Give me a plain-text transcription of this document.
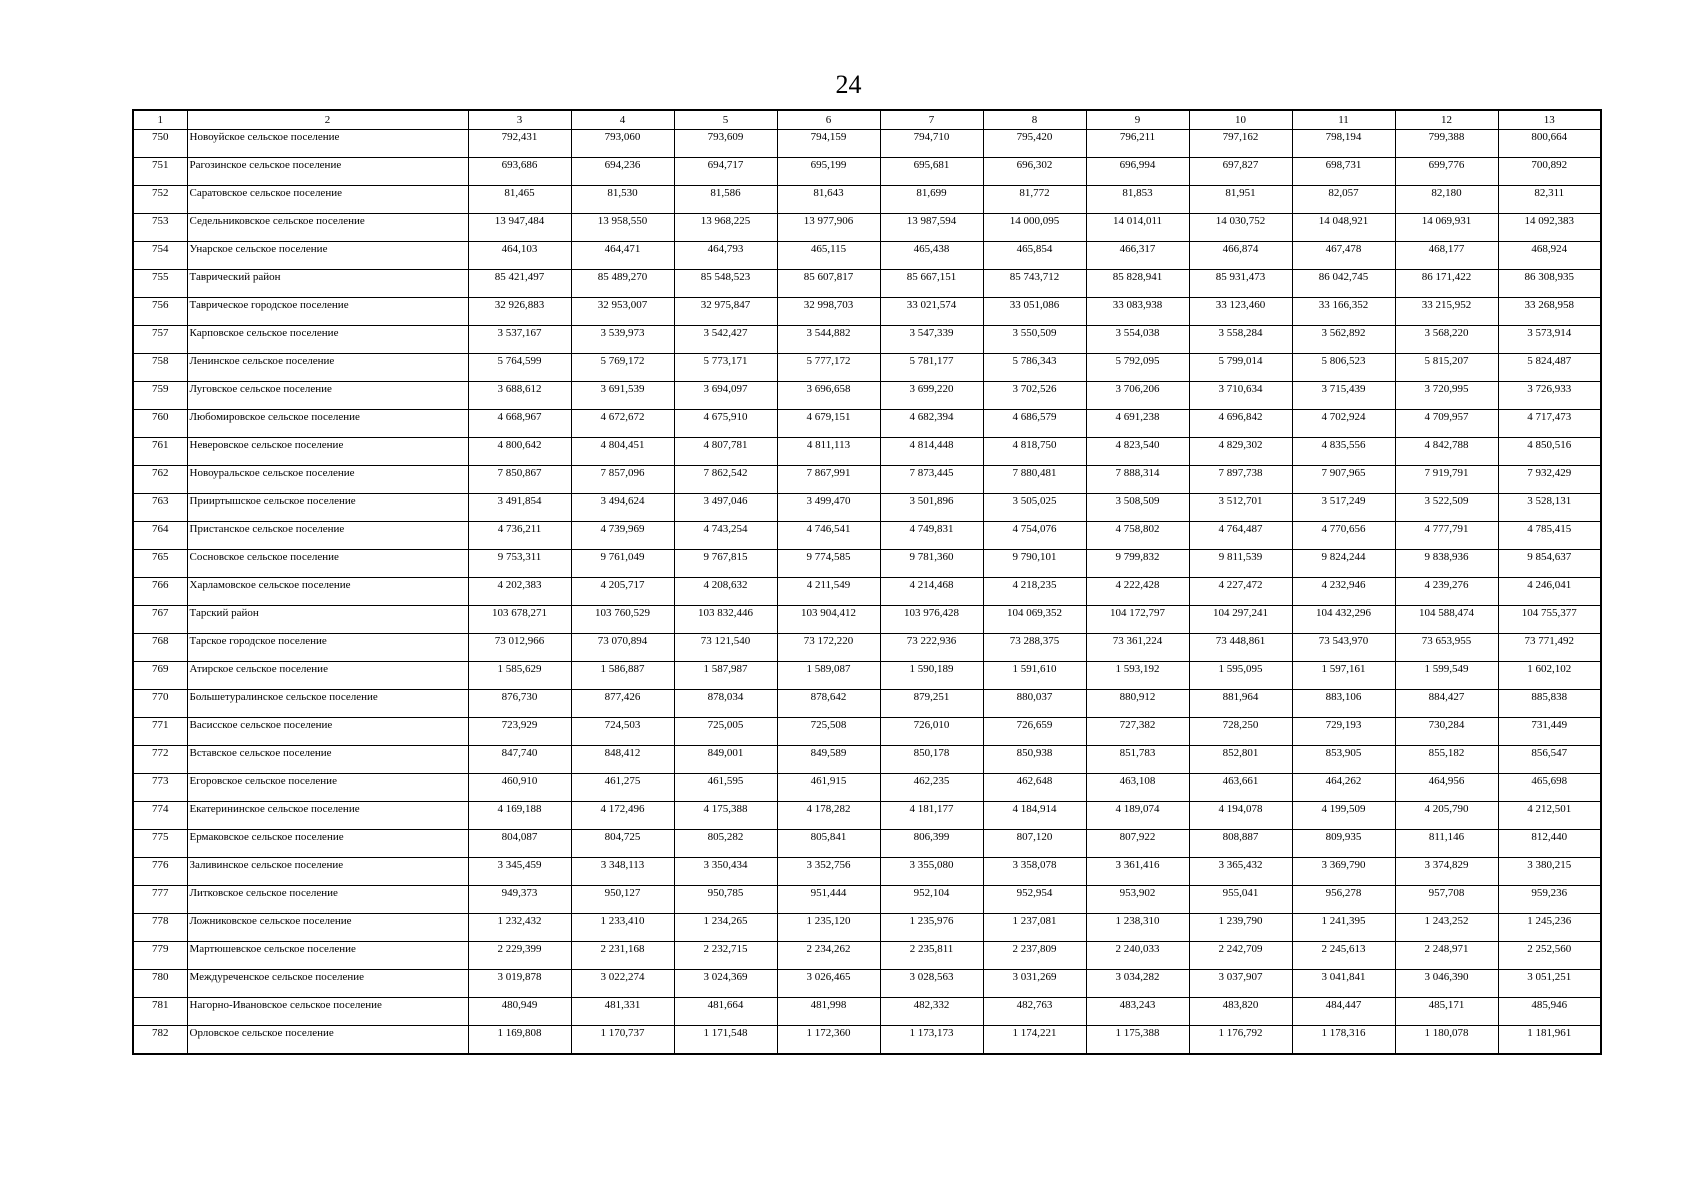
24
1	2	3	4	5	6	7	8	9	10	11	12	13
750	Новоуйское сельское поселение	792,431	793,060	793,609	794,159	794,710	795,420	796,211	797,162	798,194	799,388	800,664
751	Рагозинское сельское поселение	693,686	694,236	694,717	695,199	695,681	696,302	696,994	697,827	698,731	699,776	700,892
752	Саратовское сельское поселение	81,465	81,530	81,586	81,643	81,699	81,772	81,853	81,951	82,057	82,180	82,311
753	Седельниковское сельское поселение	13 947,484	13 958,550	13 968,225	13 977,906	13 987,594	14 000,095	14 014,011	14 030,752	14 048,921	14 069,931	14 092,383
754	Унарское сельское поселение	464,103	464,471	464,793	465,115	465,438	465,854	466,317	466,874	467,478	468,177	468,924
755	Таврический район	85 421,497	85 489,270	85 548,523	85 607,817	85 667,151	85 743,712	85 828,941	85 931,473	86 042,745	86 171,422	86 308,935
756	Таврическое городское поселение	32 926,883	32 953,007	32 975,847	32 998,703	33 021,574	33 051,086	33 083,938	33 123,460	33 166,352	33 215,952	33 268,958
757	Карповское сельское поселение	3 537,167	3 539,973	3 542,427	3 544,882	3 547,339	3 550,509	3 554,038	3 558,284	3 562,892	3 568,220	3 573,914
758	Ленинское сельское поселение	5 764,599	5 769,172	5 773,171	5 777,172	5 781,177	5 786,343	5 792,095	5 799,014	5 806,523	5 815,207	5 824,487
759	Луговское сельское поселение	3 688,612	3 691,539	3 694,097	3 696,658	3 699,220	3 702,526	3 706,206	3 710,634	3 715,439	3 720,995	3 726,933
760	Любомировское сельское поселение	4 668,967	4 672,672	4 675,910	4 679,151	4 682,394	4 686,579	4 691,238	4 696,842	4 702,924	4 709,957	4 717,473
761	Неверовское сельское поселение	4 800,642	4 804,451	4 807,781	4 811,113	4 814,448	4 818,750	4 823,540	4 829,302	4 835,556	4 842,788	4 850,516
762	Новоуральское сельское поселение	7 850,867	7 857,096	7 862,542	7 867,991	7 873,445	7 880,481	7 888,314	7 897,738	7 907,965	7 919,791	7 932,429
763	Прииртышское сельское поселение	3 491,854	3 494,624	3 497,046	3 499,470	3 501,896	3 505,025	3 508,509	3 512,701	3 517,249	3 522,509	3 528,131
764	Пристанское сельское поселение	4 736,211	4 739,969	4 743,254	4 746,541	4 749,831	4 754,076	4 758,802	4 764,487	4 770,656	4 777,791	4 785,415
765	Сосновское сельское поселение	9 753,311	9 761,049	9 767,815	9 774,585	9 781,360	9 790,101	9 799,832	9 811,539	9 824,244	9 838,936	9 854,637
766	Харламовское сельское поселение	4 202,383	4 205,717	4 208,632	4 211,549	4 214,468	4 218,235	4 222,428	4 227,472	4 232,946	4 239,276	4 246,041
767	Тарский район	103 678,271	103 760,529	103 832,446	103 904,412	103 976,428	104 069,352	104 172,797	104 297,241	104 432,296	104 588,474	104 755,377
768	Тарское городское поселение	73 012,966	73 070,894	73 121,540	73 172,220	73 222,936	73 288,375	73 361,224	73 448,861	73 543,970	73 653,955	73 771,492
769	Атирское сельское поселение	1 585,629	1 586,887	1 587,987	1 589,087	1 590,189	1 591,610	1 593,192	1 595,095	1 597,161	1 599,549	1 602,102
770	Большетуралинское сельское поселение	876,730	877,426	878,034	878,642	879,251	880,037	880,912	881,964	883,106	884,427	885,838
771	Васисское сельское поселение	723,929	724,503	725,005	725,508	726,010	726,659	727,382	728,250	729,193	730,284	731,449
772	Вставское сельское поселение	847,740	848,412	849,001	849,589	850,178	850,938	851,783	852,801	853,905	855,182	856,547
773	Егоровское сельское поселение	460,910	461,275	461,595	461,915	462,235	462,648	463,108	463,661	464,262	464,956	465,698
774	Екатерининское сельское поселение	4 169,188	4 172,496	4 175,388	4 178,282	4 181,177	4 184,914	4 189,074	4 194,078	4 199,509	4 205,790	4 212,501
775	Ермаковское сельское поселение	804,087	804,725	805,282	805,841	806,399	807,120	807,922	808,887	809,935	811,146	812,440
776	Заливинское сельское поселение	3 345,459	3 348,113	3 350,434	3 352,756	3 355,080	3 358,078	3 361,416	3 365,432	3 369,790	3 374,829	3 380,215
777	Литковское сельское поселение	949,373	950,127	950,785	951,444	952,104	952,954	953,902	955,041	956,278	957,708	959,236
778	Ложниковское сельское поселение	1 232,432	1 233,410	1 234,265	1 235,120	1 235,976	1 237,081	1 238,310	1 239,790	1 241,395	1 243,252	1 245,236
779	Мартюшевское сельское поселение	2 229,399	2 231,168	2 232,715	2 234,262	2 235,811	2 237,809	2 240,033	2 242,709	2 245,613	2 248,971	2 252,560
780	Междуреченское сельское поселение	3 019,878	3 022,274	3 024,369	3 026,465	3 028,563	3 031,269	3 034,282	3 037,907	3 041,841	3 046,390	3 051,251
781	Нагорно-Ивановское сельское поселение	480,949	481,331	481,664	481,998	482,332	482,763	483,243	483,820	484,447	485,171	485,946
782	Орловское сельское поселение	1 169,808	1 170,737	1 171,548	1 172,360	1 173,173	1 174,221	1 175,388	1 176,792	1 178,316	1 180,078	1 181,961
